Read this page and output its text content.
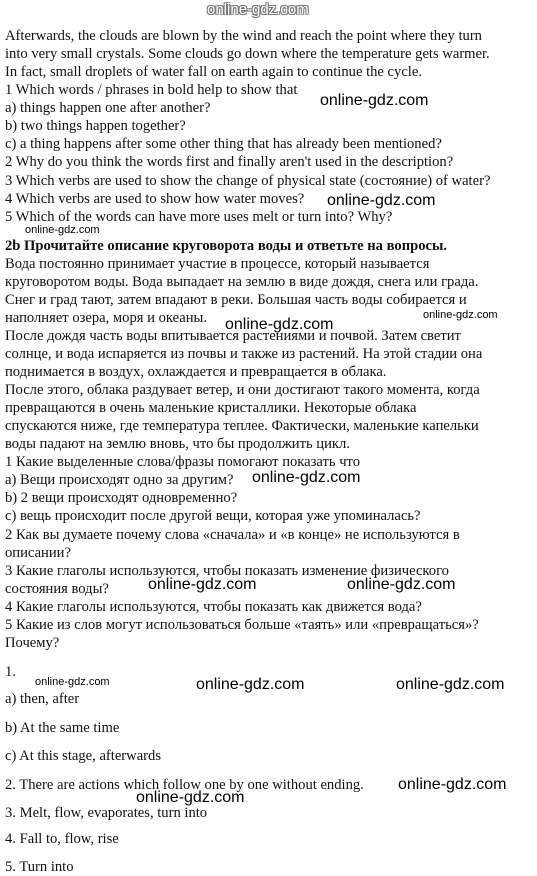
online-gdz.com
Afterwards, the clouds are blown by the wind and reach the point where they turn
into very small crystals. Some clouds go down where the temperature gets warmer.
In fact, small droplets of water fall on earth again to continue the cycle.
1 Which words / phrases in bold help to show that
a) things happen one after another?
b) two things happen together?
c) a thing happens after some other thing that has already been mentioned?
2 Why do you think the words first and finally aren't used in the description?
3 Which verbs are used to show the change of physical state (состояние) of water?
4 Which verbs are used to show how water moves?
5 Which of the words can have more uses melt or turn into? Why?
2b Прочитайте описание круговорота воды и ответьте на вопросы.
Вода постоянно принимает участие в процессе, который называется
круговоротом воды. Вода выпадает на землю в виде дождя, снега или града.
Снег и град тают, затем впадают в реки. Большая часть воды собирается и
наполняет озера, моря и океаны.
После дождя часть воды впитывается растениями и почвой. Затем светит
солнце, и вода испаряется из почвы и также из растений. На этой стадии она
поднимается в воздух, охлаждается и превращается в облака.
После этого, облака раздувает ветер, и они достигают такого момента, когда
превращаются в очень маленькие кристаллики. Некоторые облака
спускаются ниже, где температура теплее. Фактически, маленькие капельки
воды падают на землю вновь, что бы продолжить цикл.
1 Какие выделенные слова/фразы помогают показать что
а) Вещи происходят одно за другим?
b) 2 вещи происходят одновременно?
c) вещь происходит после другой вещи, которая уже упоминалась?
2 Как вы думаете почему слова «сначала» и «в конце» не используются в
описании?
3 Какие глаголы используются, чтобы показать изменение физического
состояния воды?
4 Какие глаголы используются, чтобы показать как движется вода?
5 Какие из слов могут использоваться больше «таять» или «превращаться»?
Почему?
1.
a) then, after
b) At the same time
c) At this stage, afterwards
2. There are actions which follow one by one without ending.
3. Melt, flow, evaporates, turn into
4. Fall to, flow, rise
5. Turn into
online-gdz.com
online-gdz.com
online-gdz.com
online-gdz.com
online-gdz.com
online-gdz.com
online-gdz.com	online-gdz.com
online-gdz.com	online-gdz.com	online-gdz.com
online-gdz.com
online-gdz.com
